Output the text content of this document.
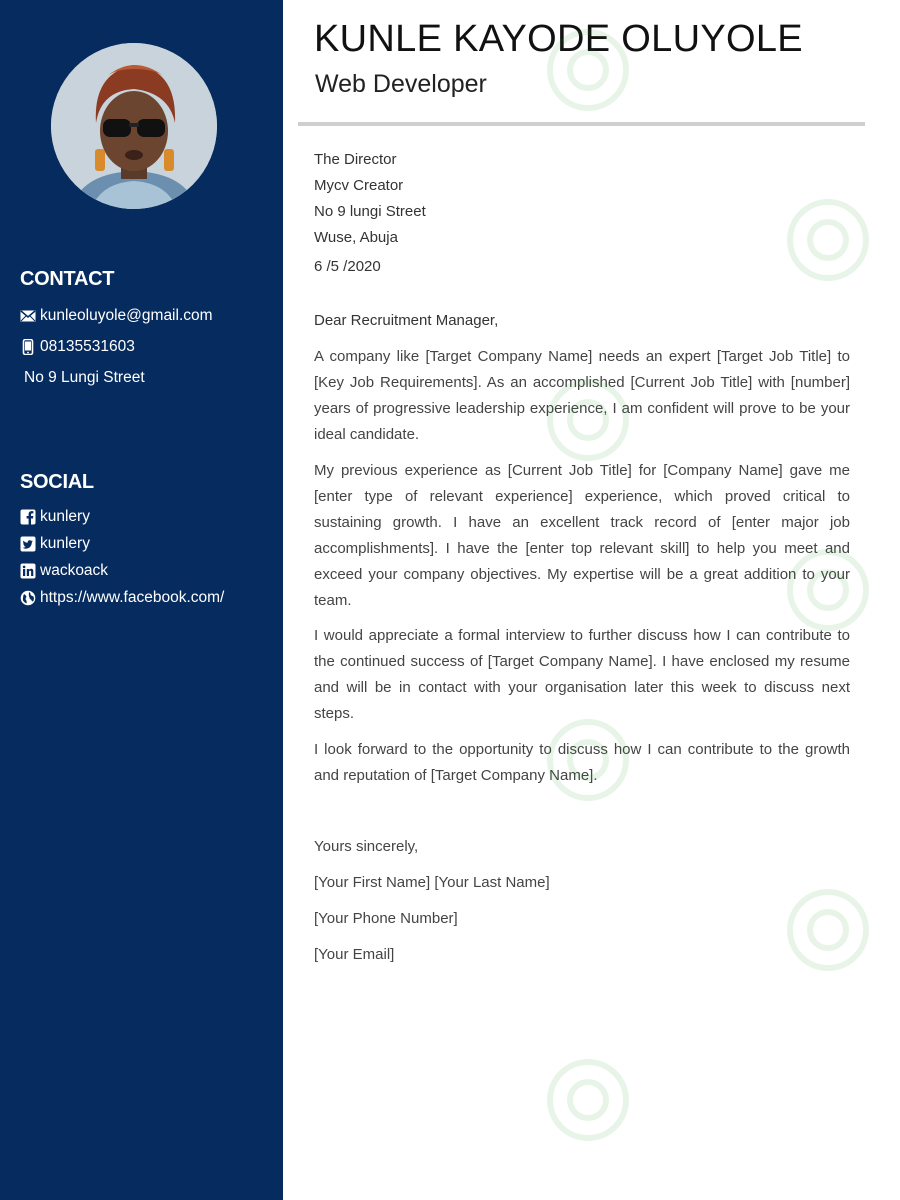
CONTACT
kunleoluyole@gmail.com
08135531603
No 9 Lungi Street
SOCIAL
kunlery
kunlery
wackoack
https://www.facebook.com/
KUNLE KAYODE OLUYOLE
Web Developer
The Director
Mycv Creator
No 9 lungi Street
Wuse, Abuja
6 /5 /2020
Dear Recruitment Manager,
A company like [Target Company Name] needs an expert [Target Job Title] to [Key Job Requirements]. As an accomplished [Current Job Title] with [number] years of progressive leadership experience, I am confident will prove to be your ideal candidate.
My previous experience as [Current Job Title] for [Company Name] gave me [enter type of relevant experience] experience, which proved critical to sustaining growth. I have an excellent track record of [enter major job accomplishments]. I have the [enter top relevant skill] to help you meet and exceed your company objectives. My expertise will be a great addition to your team.
I would appreciate a formal interview to further discuss how I can contribute to the continued success of [Target Company Name]. I have enclosed my resume and will be in contact with your organisation later this week to discuss next steps.
I look forward to the opportunity to discuss how I can contribute to the growth and reputation of [Target Company Name].
Yours sincerely,
[Your First Name] [Your Last Name]
[Your Phone Number]
[Your Email]
